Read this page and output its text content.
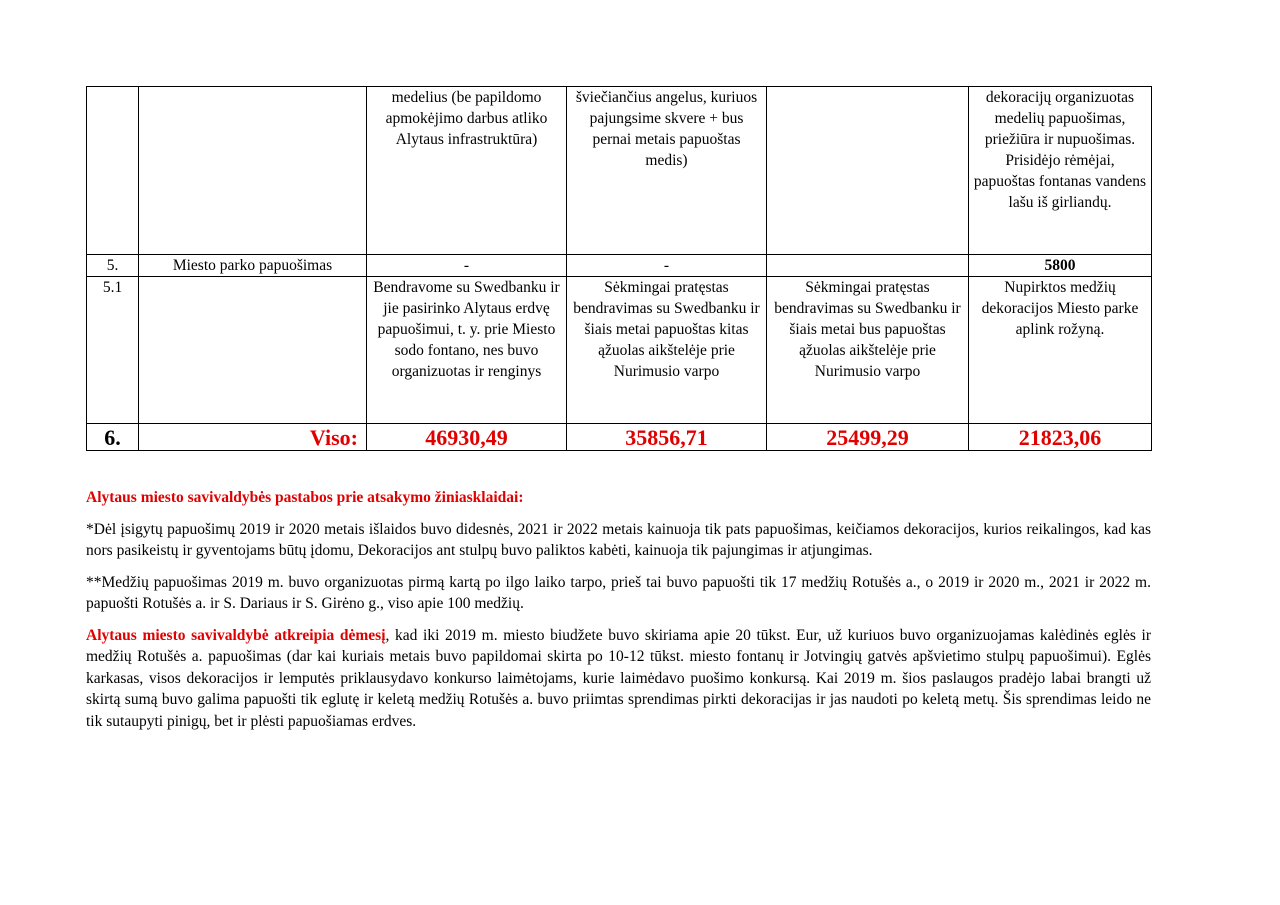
		medelius (be papildomo apmokėjimo darbus atliko Alytaus infrastruktūra)	šviečiančius angelus, kuriuos pajungsime skvere + bus pernai metais papuoštas medis)		dekoracijų organizuotas medelių papuošimas, priežiūra ir nupuošimas. Prisidėjo rėmėjai, papuoštas fontanas vandens lašu iš girliandų.
5.	Miesto parko papuošimas	-	-		5800
5.1		Bendravome su Swedbanku ir jie pasirinko Alytaus erdvę papuošimui, t. y. prie Miesto sodo fontano, nes buvo organizuotas ir renginys	Sėkmingai pratęstas bendravimas su Swedbanku ir šiais metai papuoštas kitas ąžuolas aikštelėje prie Nurimusio varpo	Sėkmingai pratęstas bendravimas su Swedbanku ir šiais metai bus papuoštas ąžuolas aikštelėje prie Nurimusio varpo	Nupirktos medžių dekoracijos Miesto parke aplink rožyną.
6.	Viso:	46930,49	35856,71	25499,29	21823,06

Alytaus miesto savivaldybės pastabos prie atsakymo žiniasklaidai:

*Dėl įsigytų papuošimų 2019 ir 2020 metais išlaidos buvo didesnės, 2021 ir 2022 metais kainuoja tik pats papuošimas, keičiamos dekoracijos, kurios reikalingos, kad kas nors pasikeistų ir gyventojams būtų įdomu, Dekoracijos ant stulpų buvo paliktos kabėti, kainuoja tik pajungimas ir atjungimas.

**Medžių papuošimas 2019 m. buvo organizuotas pirmą kartą po ilgo laiko tarpo, prieš tai buvo papuošti tik 17 medžių Rotušės a., o 2019 ir 2020 m., 2021 ir 2022 m. papuošti Rotušės a. ir S. Dariaus ir S. Girėno g., viso apie 100 medžių.

Alytaus miesto savivaldybė atkreipia dėmesį, kad iki 2019 m. miesto biudžete buvo skiriama apie 20 tūkst. Eur, už kuriuos buvo organizuojamas kalėdinės eglės ir medžių Rotušės a. papuošimas (dar kai kuriais metais buvo papildomai skirta po 10-12 tūkst. miesto fontanų ir Jotvingių gatvės apšvietimo stulpų papuošimui). Eglės karkasas, visos dekoracijos ir lemputės priklausydavo konkurso laimėtojams, kurie laimėdavo puošimo konkursą. Kai 2019 m. šios paslaugos pradėjo labai brangti už skirtą sumą buvo galima papuošti tik eglutę ir keletą medžių Rotušės a. buvo priimtas sprendimas pirkti dekoracijas ir jas naudoti po keletą metų. Šis sprendimas leido ne tik sutaupyti pinigų, bet ir plėsti papuošiamas erdves.
